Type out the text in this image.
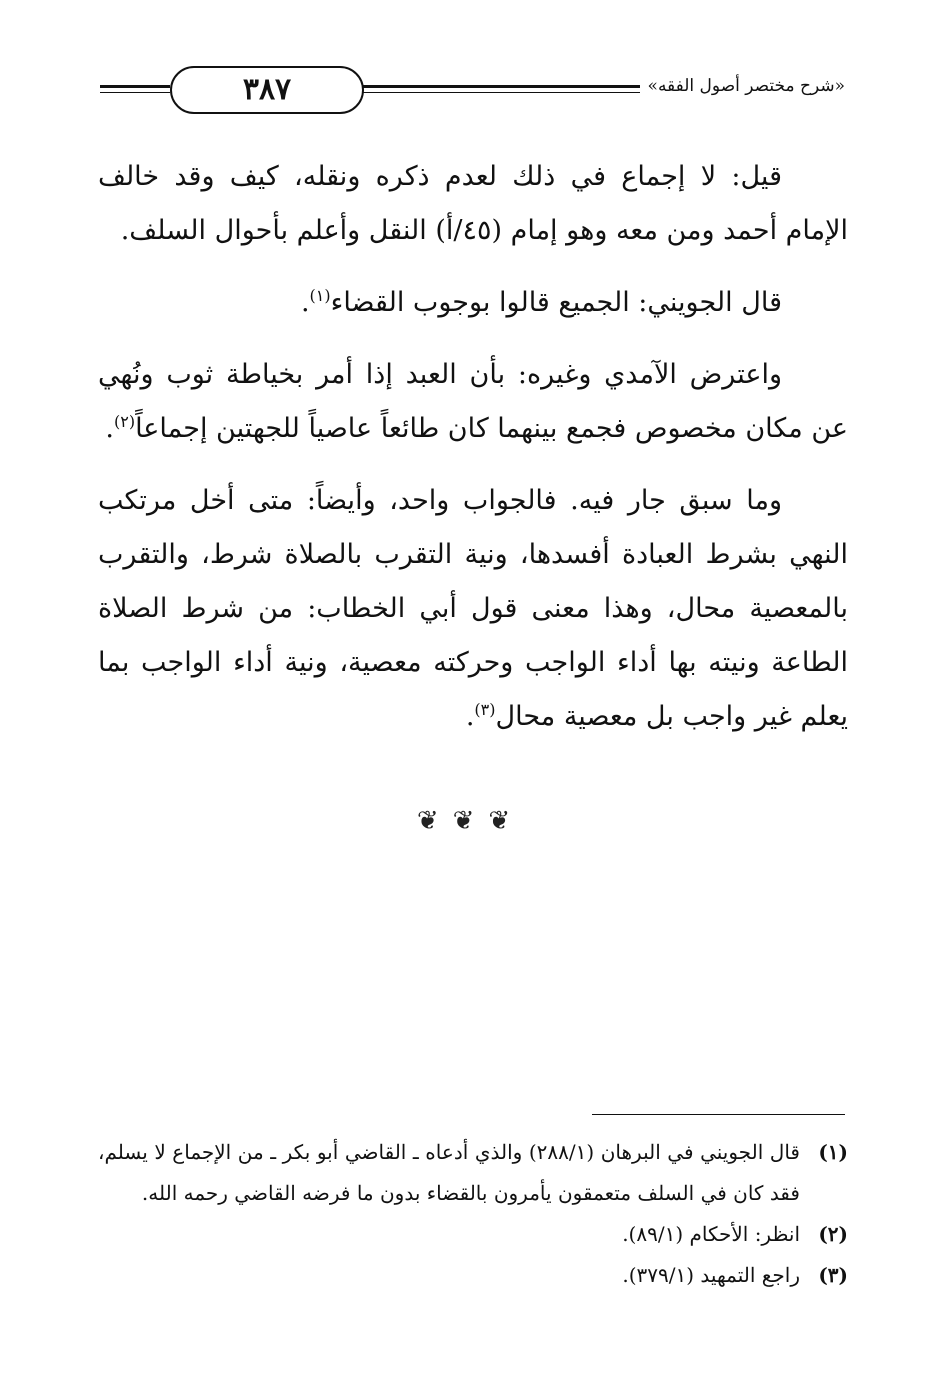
٣٨٧	«شرح مختصر أصول الفقه»

قيل: لا إجماع في ذلك لعدم ذكره ونقله، كيف وقد خالف الإمام أحمد ومن معه وهو إمام (٤٥/أ) النقل وأعلم بأحوال السلف.

قال الجويني: الجميع قالوا بوجوب القضاء$^{(١)}$.

واعترض الآمدي وغيره: بأن العبد إذا أمر بخياطة ثوب ونُهي عن مكان مخصوص فجمع بينهما كان طائعاً عاصياً للجهتين إجماعاً$^{(٢)}$.

وما سبق جار فيه. فالجواب واحد، وأيضاً: متى أخل مرتكب النهي بشرط العبادة أفسدها، ونية التقرب بالصلاة شرط، والتقرب بالمعصية محال، وهذا معنى قول أبي الخطاب: من شرط الصلاة الطاعة ونيته بها أداء الواجب وحركته معصية، ونية أداء الواجب بما يعلم غير واجب بل معصية محال$^{(٣)}$.

❦❦❦
(١)
قال الجويني في البرهان (٢٨٨/١) والذي أدعاه ـ القاضي أبو بكر ـ من الإجماع لا يسلم، فقد كان في السلف متعمقون يأمرون بالقضاء بدون ما فرضه القاضي رحمه الله.
(٢)
انظر: الأحكام (٨٩/١).
(٣)
راجع التمهيد (٣٧٩/١).
